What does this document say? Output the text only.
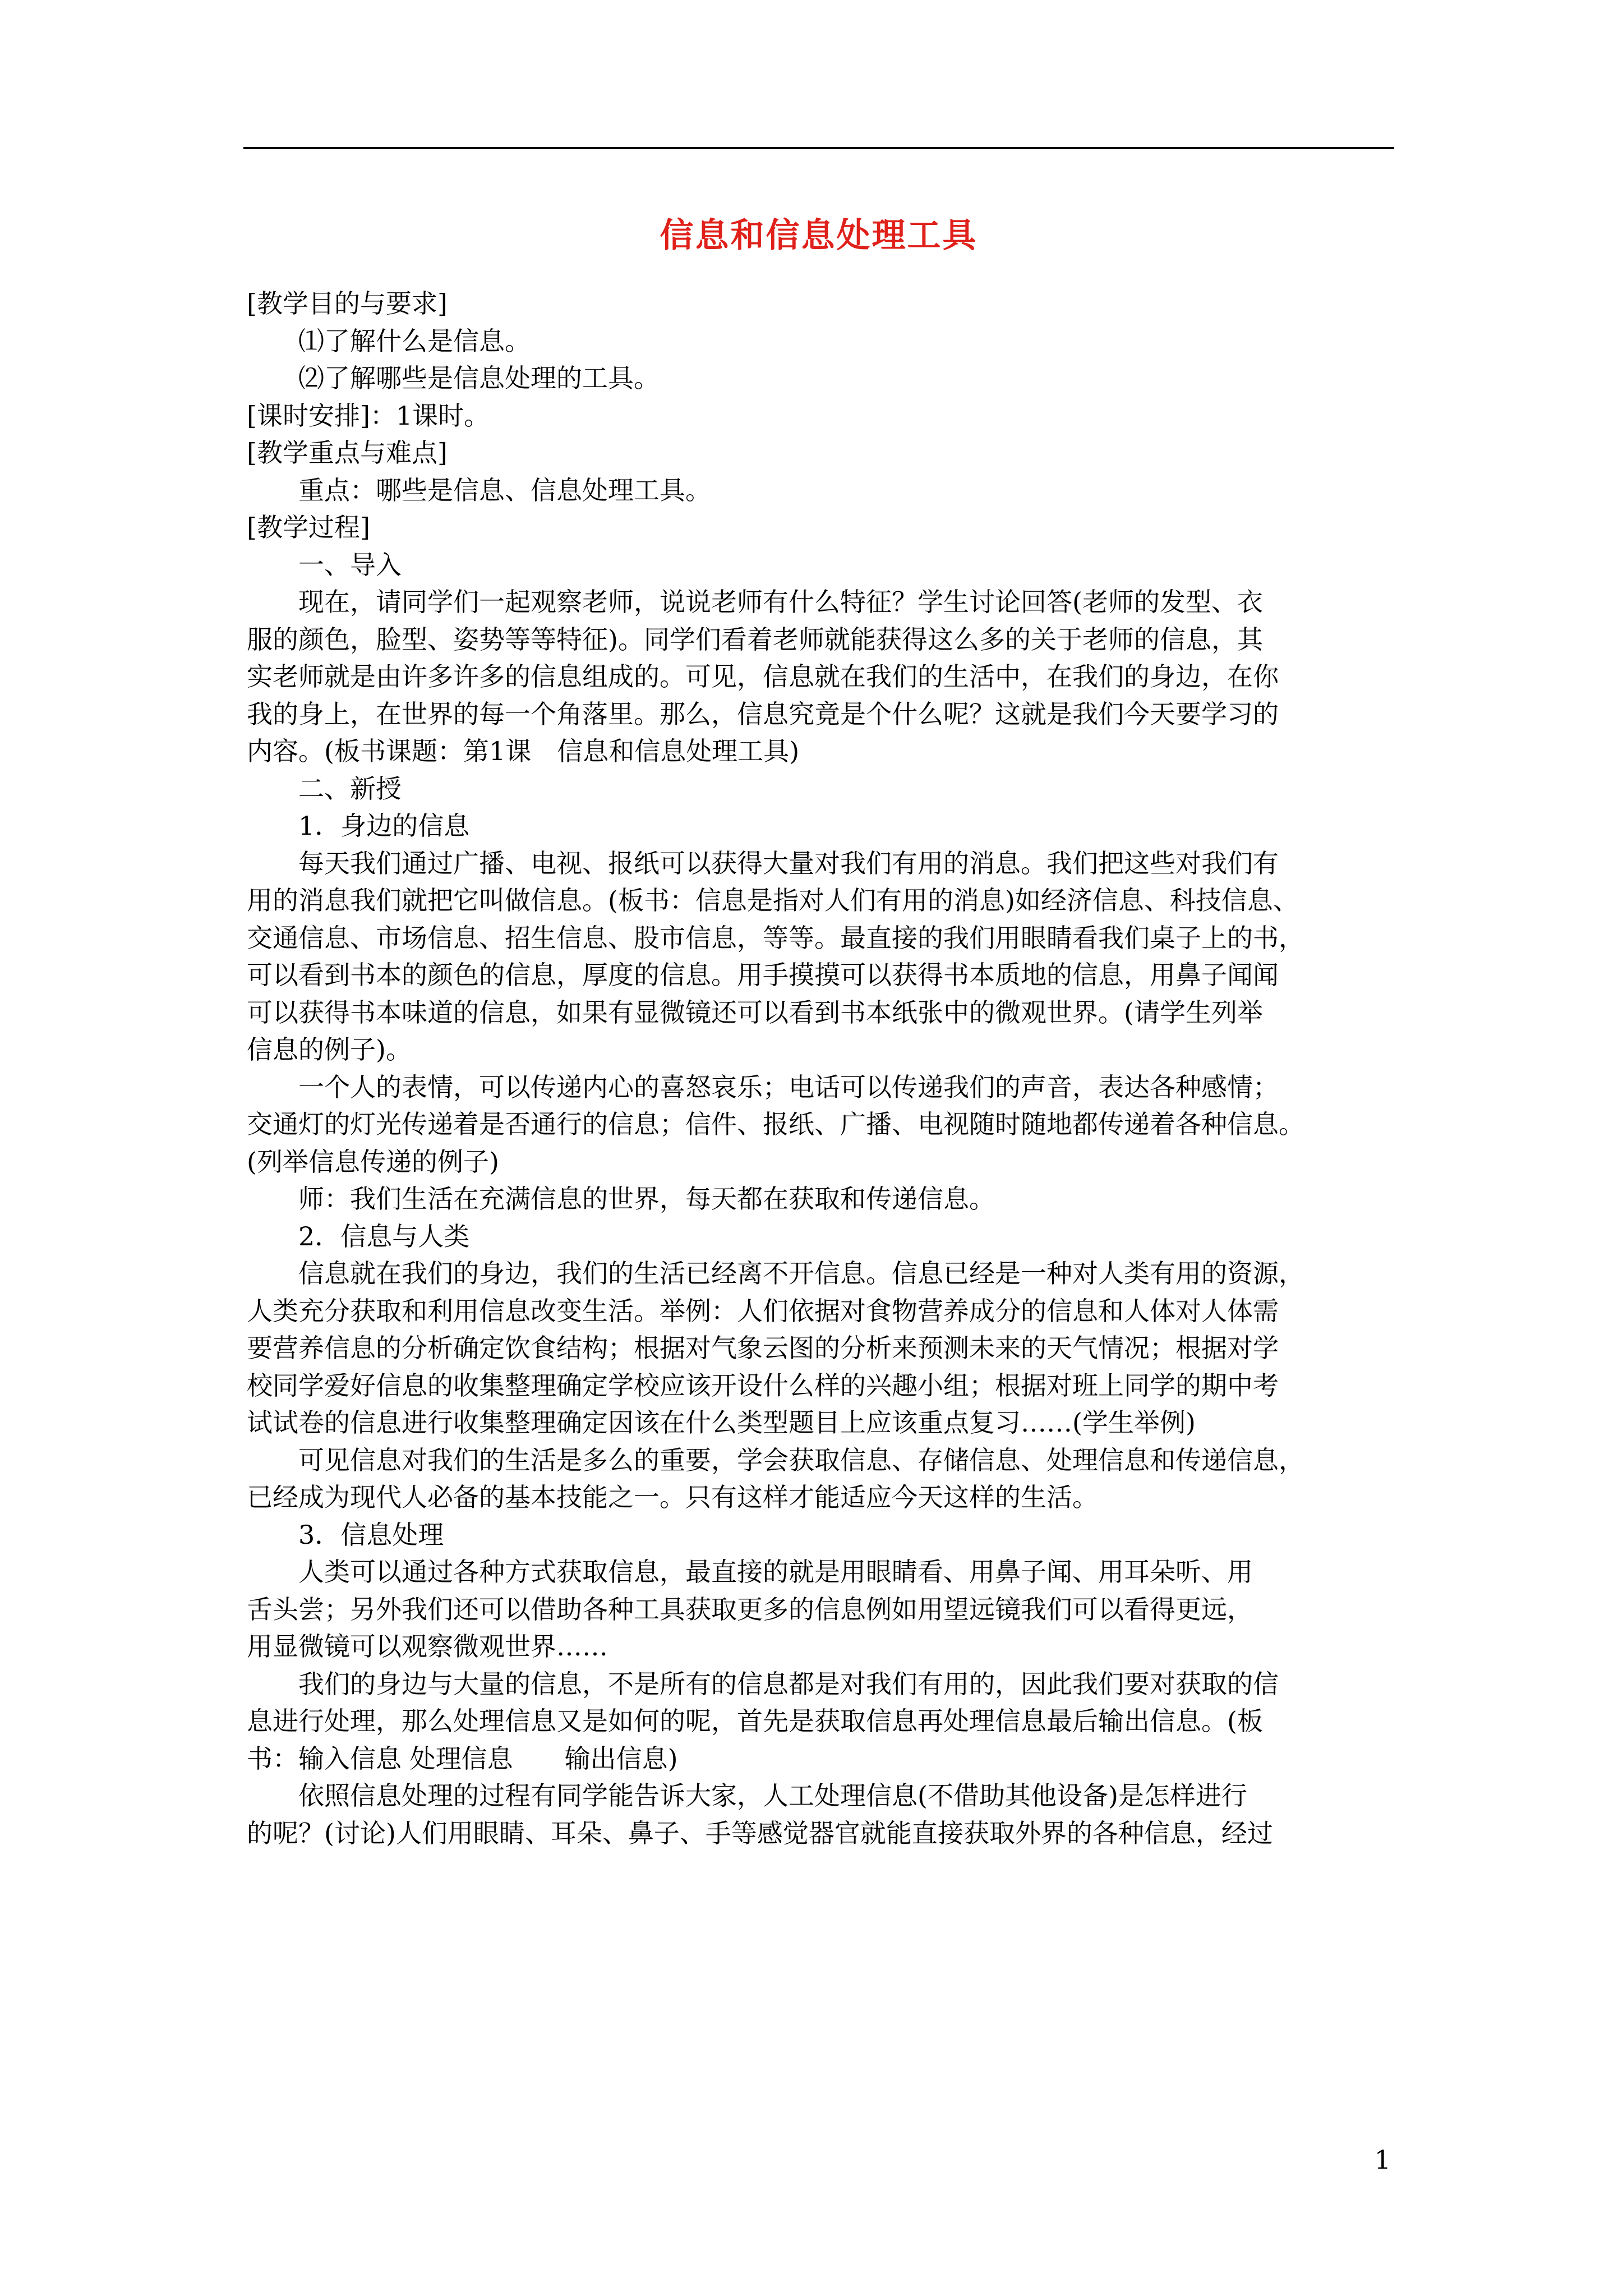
信息和信息处理工具
[教学目的与要求]
⑴了解什么是信息。
⑵了解哪些是信息处理的工具。
[课时安排]：1课时。
[教学重点与难点]
重点：哪些是信息、信息处理工具。
[教学过程]
一、导入
现在，请同学们一起观察老师，说说老师有什么特征？学生讨论回答(老师的发型、衣
服的颜色，脸型、姿势等等特征)。同学们看着老师就能获得这么多的关于老师的信息，其
实老师就是由许多许多的信息组成的。可见，信息就在我们的生活中，在我们的身边，在你
我的身上，在世界的每一个角落里。那么，信息究竟是个什么呢？这就是我们今天要学习的
内容。(板书课题：第1课　信息和信息处理工具)
二、新授
1．身边的信息
每天我们通过广播、电视、报纸可以获得大量对我们有用的消息。我们把这些对我们有
用的消息我们就把它叫做信息。(板书：信息是指对人们有用的消息)如经济信息、科技信息、
交通信息、市场信息、招生信息、股市信息，等等。最直接的我们用眼睛看我们桌子上的书，
可以看到书本的颜色的信息，厚度的信息。用手摸摸可以获得书本质地的信息，用鼻子闻闻
可以获得书本味道的信息，如果有显微镜还可以看到书本纸张中的微观世界。(请学生列举
信息的例子)。
一个人的表情，可以传递内心的喜怒哀乐；电话可以传递我们的声音，表达各种感情；
交通灯的灯光传递着是否通行的信息；信件、报纸、广播、电视随时随地都传递着各种信息。
(列举信息传递的例子)
师：我们生活在充满信息的世界，每天都在获取和传递信息。
2．信息与人类
信息就在我们的身边，我们的生活已经离不开信息。信息已经是一种对人类有用的资源，
人类充分获取和利用信息改变生活。举例：人们依据对食物营养成分的信息和人体对人体需
要营养信息的分析确定饮食结构；根据对气象云图的分析来预测未来的天气情况；根据对学
校同学爱好信息的收集整理确定学校应该开设什么样的兴趣小组；根据对班上同学的期中考
试试卷的信息进行收集整理确定因该在什么类型题目上应该重点复习……(学生举例)
可见信息对我们的生活是多么的重要，学会获取信息、存储信息、处理信息和传递信息，
已经成为现代人必备的基本技能之一。只有这样才能适应今天这样的生活。
3．信息处理
人类可以通过各种方式获取信息，最直接的就是用眼睛看、用鼻子闻、用耳朵听、用
舌头尝；另外我们还可以借助各种工具获取更多的信息例如用望远镜我们可以看得更远，
用显微镜可以观察微观世界……
我们的身边与大量的信息，不是所有的信息都是对我们有用的，因此我们要对获取的信
息进行处理，那么处理信息又是如何的呢，首先是获取信息再处理信息最后输出信息。(板
书：输入信息 处理信息　　输出信息)
依照信息处理的过程有同学能告诉大家，人工处理信息(不借助其他设备)是怎样进行
的呢？(讨论)人们用眼睛、耳朵、鼻子、手等感觉器官就能直接获取外界的各种信息，经过
1
